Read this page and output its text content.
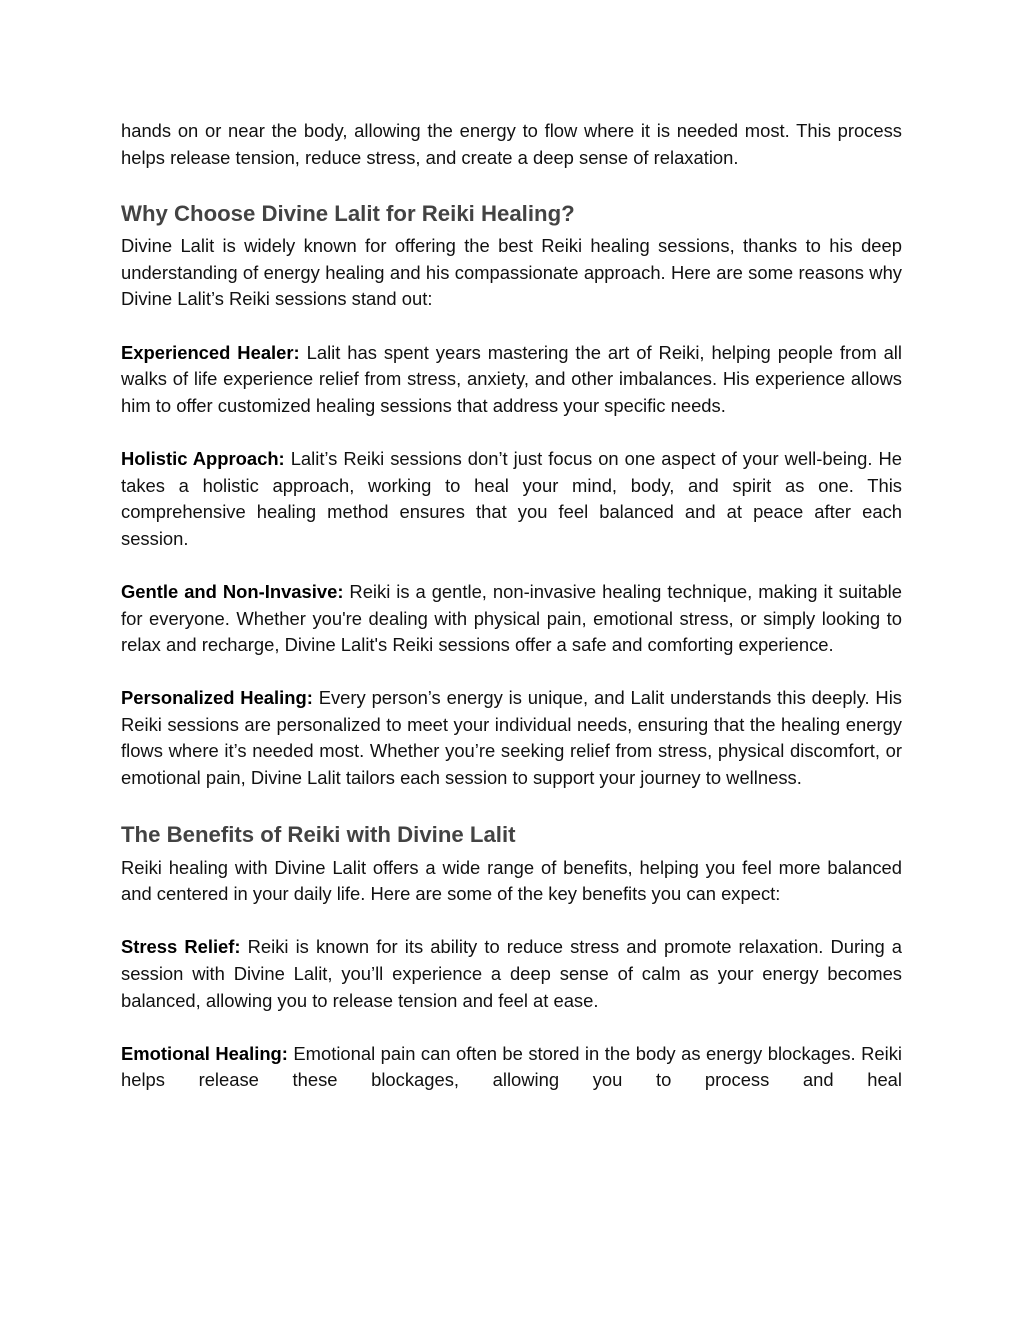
hands on or near the body, allowing the energy to flow where it is needed most. This process helps release tension, reduce stress, and create a deep sense of relaxation.

Why Choose Divine Lalit for Reiki Healing?

Divine Lalit is widely known for offering the best Reiki healing sessions, thanks to his deep understanding of energy healing and his compassionate approach. Here are some reasons why Divine Lalit’s Reiki sessions stand out:

Experienced Healer: Lalit has spent years mastering the art of Reiki, helping people from all walks of life experience relief from stress, anxiety, and other imbalances. His experience allows him to offer customized healing sessions that address your specific needs.

Holistic Approach: Lalit’s Reiki sessions don’t just focus on one aspect of your well-being. He takes a holistic approach, working to heal your mind, body, and spirit as one. This comprehensive healing method ensures that you feel balanced and at peace after each session.

Gentle and Non-Invasive: Reiki is a gentle, non-invasive healing technique, making it suitable for everyone. Whether you're dealing with physical pain, emotional stress, or simply looking to relax and recharge, Divine Lalit's Reiki sessions offer a safe and comforting experience.

Personalized Healing: Every person’s energy is unique, and Lalit understands this deeply. His Reiki sessions are personalized to meet your individual needs, ensuring that the healing energy flows where it’s needed most. Whether you’re seeking relief from stress, physical discomfort, or emotional pain, Divine Lalit tailors each session to support your journey to wellness.

The Benefits of Reiki with Divine Lalit

Reiki healing with Divine Lalit offers a wide range of benefits, helping you feel more balanced and centered in your daily life. Here are some of the key benefits you can expect:

Stress Relief: Reiki is known for its ability to reduce stress and promote relaxation. During a session with Divine Lalit, you’ll experience a deep sense of calm as your energy becomes balanced, allowing you to release tension and feel at ease.

Emotional Healing: Emotional pain can often be stored in the body as energy blockages. Reiki helps release these blockages, allowing you to process and heal
